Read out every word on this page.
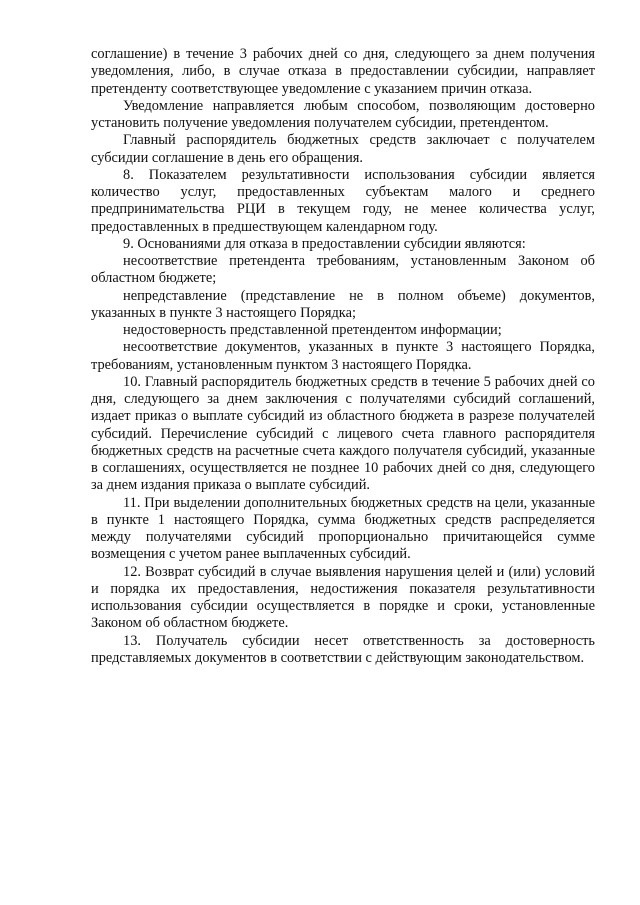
соглашение) в течение 3 рабочих дней со дня, следующего за днем получения уведомления, либо, в случае отказа в предоставлении субсидии, направляет претенденту соответствующее уведомление с указанием причин отказа.

Уведомление направляется любым способом, позволяющим достоверно установить получение уведомления получателем субсидии, претендентом.

Главный распорядитель бюджетных средств заключает с получателем субсидии соглашение в день его обращения.

8. Показателем результативности использования субсидии является количество услуг, предоставленных субъектам малого и среднего предпринимательства РЦИ в текущем году, не менее количества услуг, предоставленных в предшествующем календарном году.

9. Основаниями для отказа в предоставлении субсидии являются:

несоответствие претендента требованиям, установленным Законом об областном бюджете;

непредставление (представление не в полном объеме) документов, указанных в пункте 3 настоящего Порядка;

недостоверность представленной претендентом информации;

несоответствие документов, указанных в пункте 3 настоящего Порядка, требованиям, установленным пунктом 3 настоящего Порядка.

10. Главный распорядитель бюджетных средств в течение 5 рабочих дней со дня, следующего за днем заключения с получателями субсидий соглашений, издает приказ о выплате субсидий из областного бюджета в разрезе получателей субсидий. Перечисление субсидий с лицевого счета главного распорядителя бюджетных средств на расчетные счета каждого получателя субсидий, указанные в соглашениях, осуществляется не позднее 10 рабочих дней со дня, следующего за днем издания приказа о выплате субсидий.

11. При выделении дополнительных бюджетных средств на цели, указанные в пункте 1 настоящего Порядка, сумма бюджетных средств распределяется между получателями субсидий пропорционально причитающейся сумме возмещения с учетом ранее выплаченных субсидий.

12. Возврат субсидий в случае выявления нарушения целей и (или) условий и порядка их предоставления, недостижения показателя результативности использования субсидии осуществляется в порядке и сроки, установленные Законом об областном бюджете.

13. Получатель субсидии несет ответственность за достоверность представляемых документов в соответствии с действующим законодательством.
